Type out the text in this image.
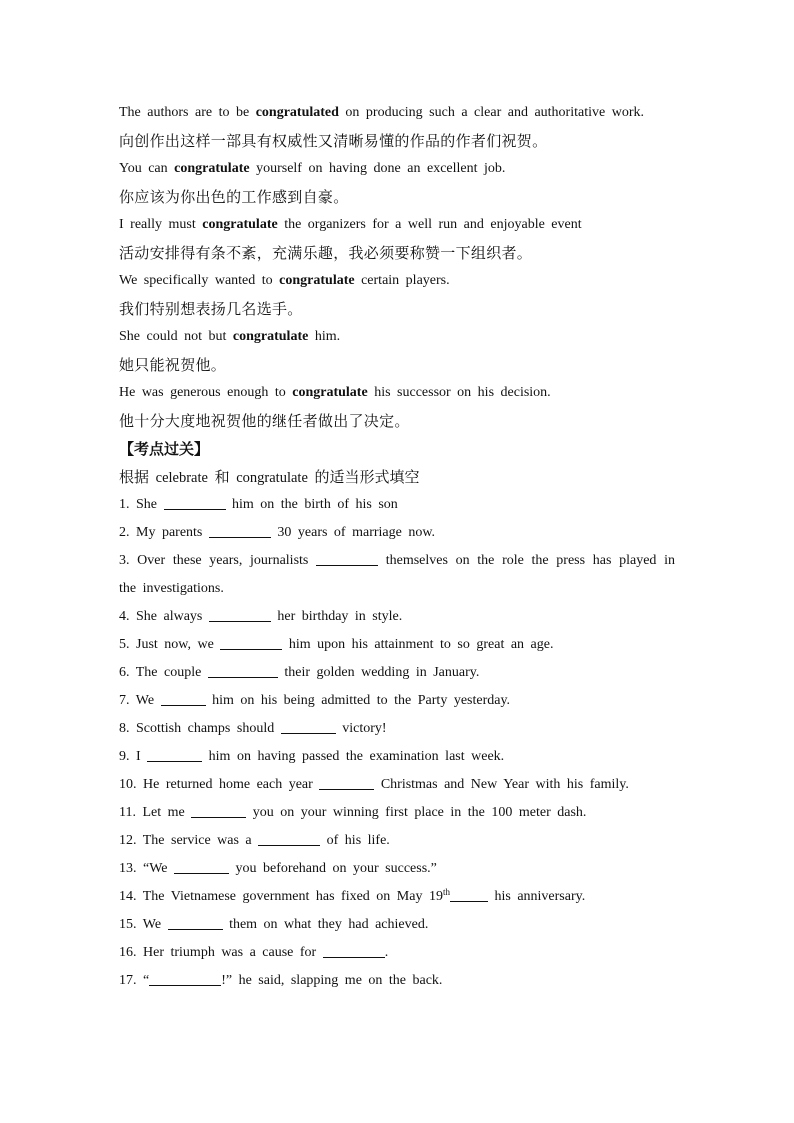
The authors are to be congratulated on producing such a clear and authoritative work.
向创作出这样一部具有权威性又清晰易懂的作品的作者们祝贺。
You can congratulate yourself on having done an excellent job.
你应该为你出色的工作感到自豪。
I really must congratulate the organizers for a well run and enjoyable event
活动安排得有条不紊，充满乐趣，我必须要称赞一下组织者。
We specifically wanted to congratulate certain players.
我们特别想表扬几名选手。
She could not but congratulate him.
她只能祝贺他。
He was generous enough to congratulate his successor on his decision.
他十分大度地祝贺他的继任者做出了决定。
【考点过关】
根据 celebrate 和 congratulate 的适当形式填空
1. She	him on the birth of his son
2. My parents	30 years of marriage now.
3. Over these years, journalists	themselves on the role the press has played in the investigations.
4. She always	her birthday in style.
5. Just now, we	him upon his attainment to so great an age.
6. The couple	their golden wedding in January.
7. We	him on his being admitted to the Party yesterday.
8. Scottish champs should	victory!
9. I	him on having passed the examination last week.
10. He returned home each year	Christmas and New Year with his family.
11. Let me	you on your winning first place in the 100 meter dash.
12. The service was a	of his life.
13. “We	you beforehand on your success.”
14. The Vietnamese government has fixed on May 19th	his anniversary.
15. We	them on what they had achieved.
16. Her triumph was a cause for	.
17. “	!” he said, slapping me on the back.
